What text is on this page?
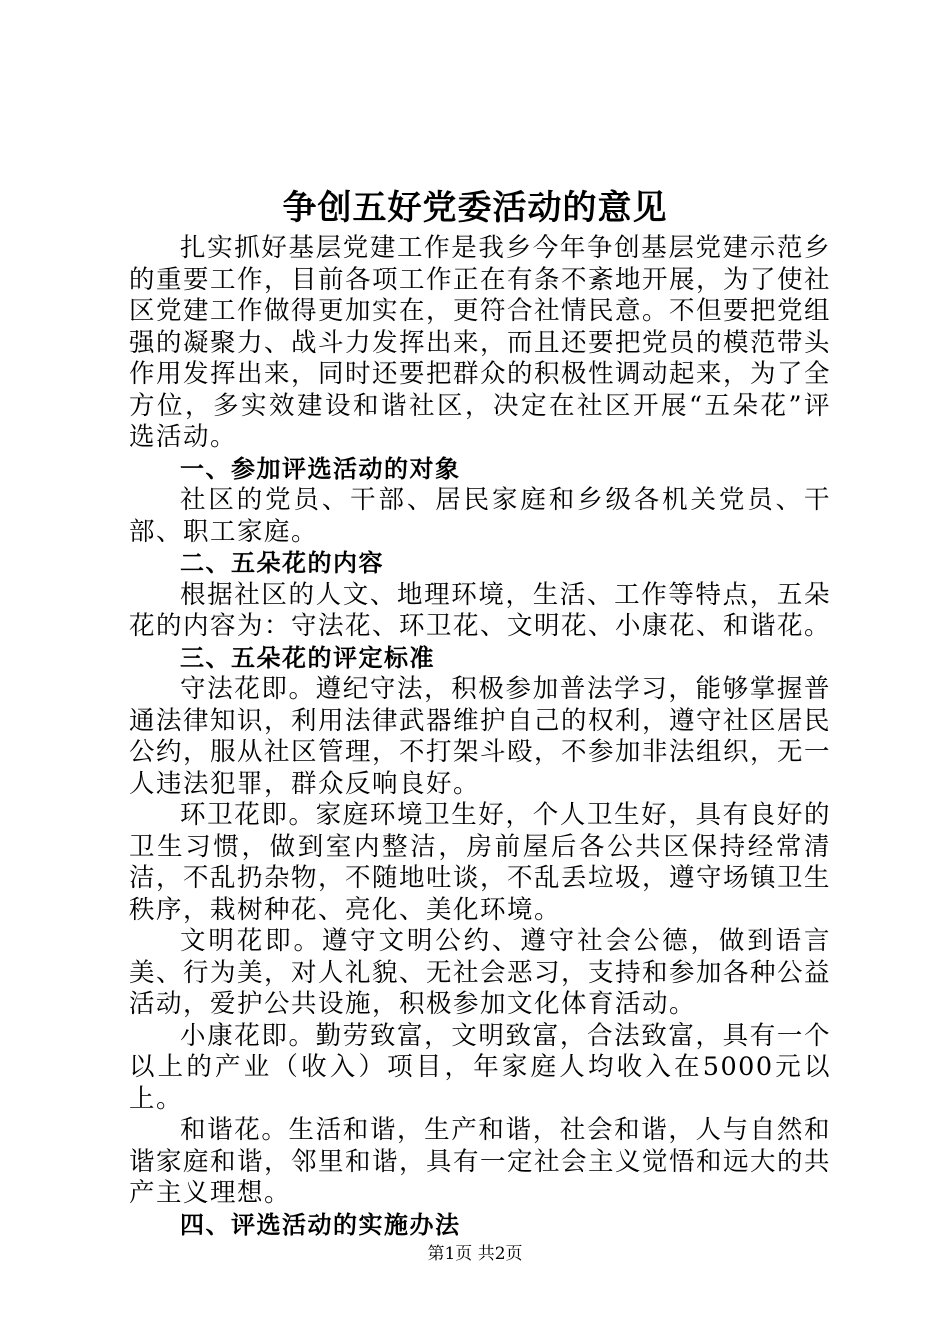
争创五好党委活动的意见

扎实抓好基层党建工作是我乡今年争创基层党建示范乡的重要工作，目前各项工作正在有条不紊地开展，为了使社区党建工作做得更加实在，更符合社情民意。不但要把党组强的凝聚力、战斗力发挥出来，而且还要把党员的模范带头作用发挥出来，同时还要把群众的积极性调动起来，为了全方位，多实效建设和谐社区，决定在社区开展“五朵花”评选活动。

一、参加评选活动的对象

社区的党员、干部、居民家庭和乡级各机关党员、干部、职工家庭。

二、五朵花的内容

根据社区的人文、地理环境，生活、工作等特点，五朵花的内容为：守法花、环卫花、文明花、小康花、和谐花。

三、五朵花的评定标准

守法花即。遵纪守法，积极参加普法学习，能够掌握普通法律知识，利用法律武器维护自己的权利，遵守社区居民公约，服从社区管理，不打架斗殴，不参加非法组织，无一人违法犯罪，群众反响良好。

环卫花即。家庭环境卫生好，个人卫生好，具有良好的卫生习惯，做到室内整洁，房前屋后各公共区保持经常清洁，不乱扔杂物，不随地吐谈，不乱丢垃圾，遵守场镇卫生秩序，栽树种花、亮化、美化环境。

文明花即。遵守文明公约、遵守社会公德，做到语言美、行为美，对人礼貌、无社会恶习，支持和参加各种公益活动，爱护公共设施，积极参加文化体育活动。

小康花即。勤劳致富，文明致富，合法致富，具有一个以上的产业（收入）项目，年家庭人均收入在5000元以上。

和谐花。生活和谐，生产和谐，社会和谐，人与自然和谐家庭和谐，邻里和谐，具有一定社会主义觉悟和远大的共产主义理想。

四、评选活动的实施办法

第1页 共2页
